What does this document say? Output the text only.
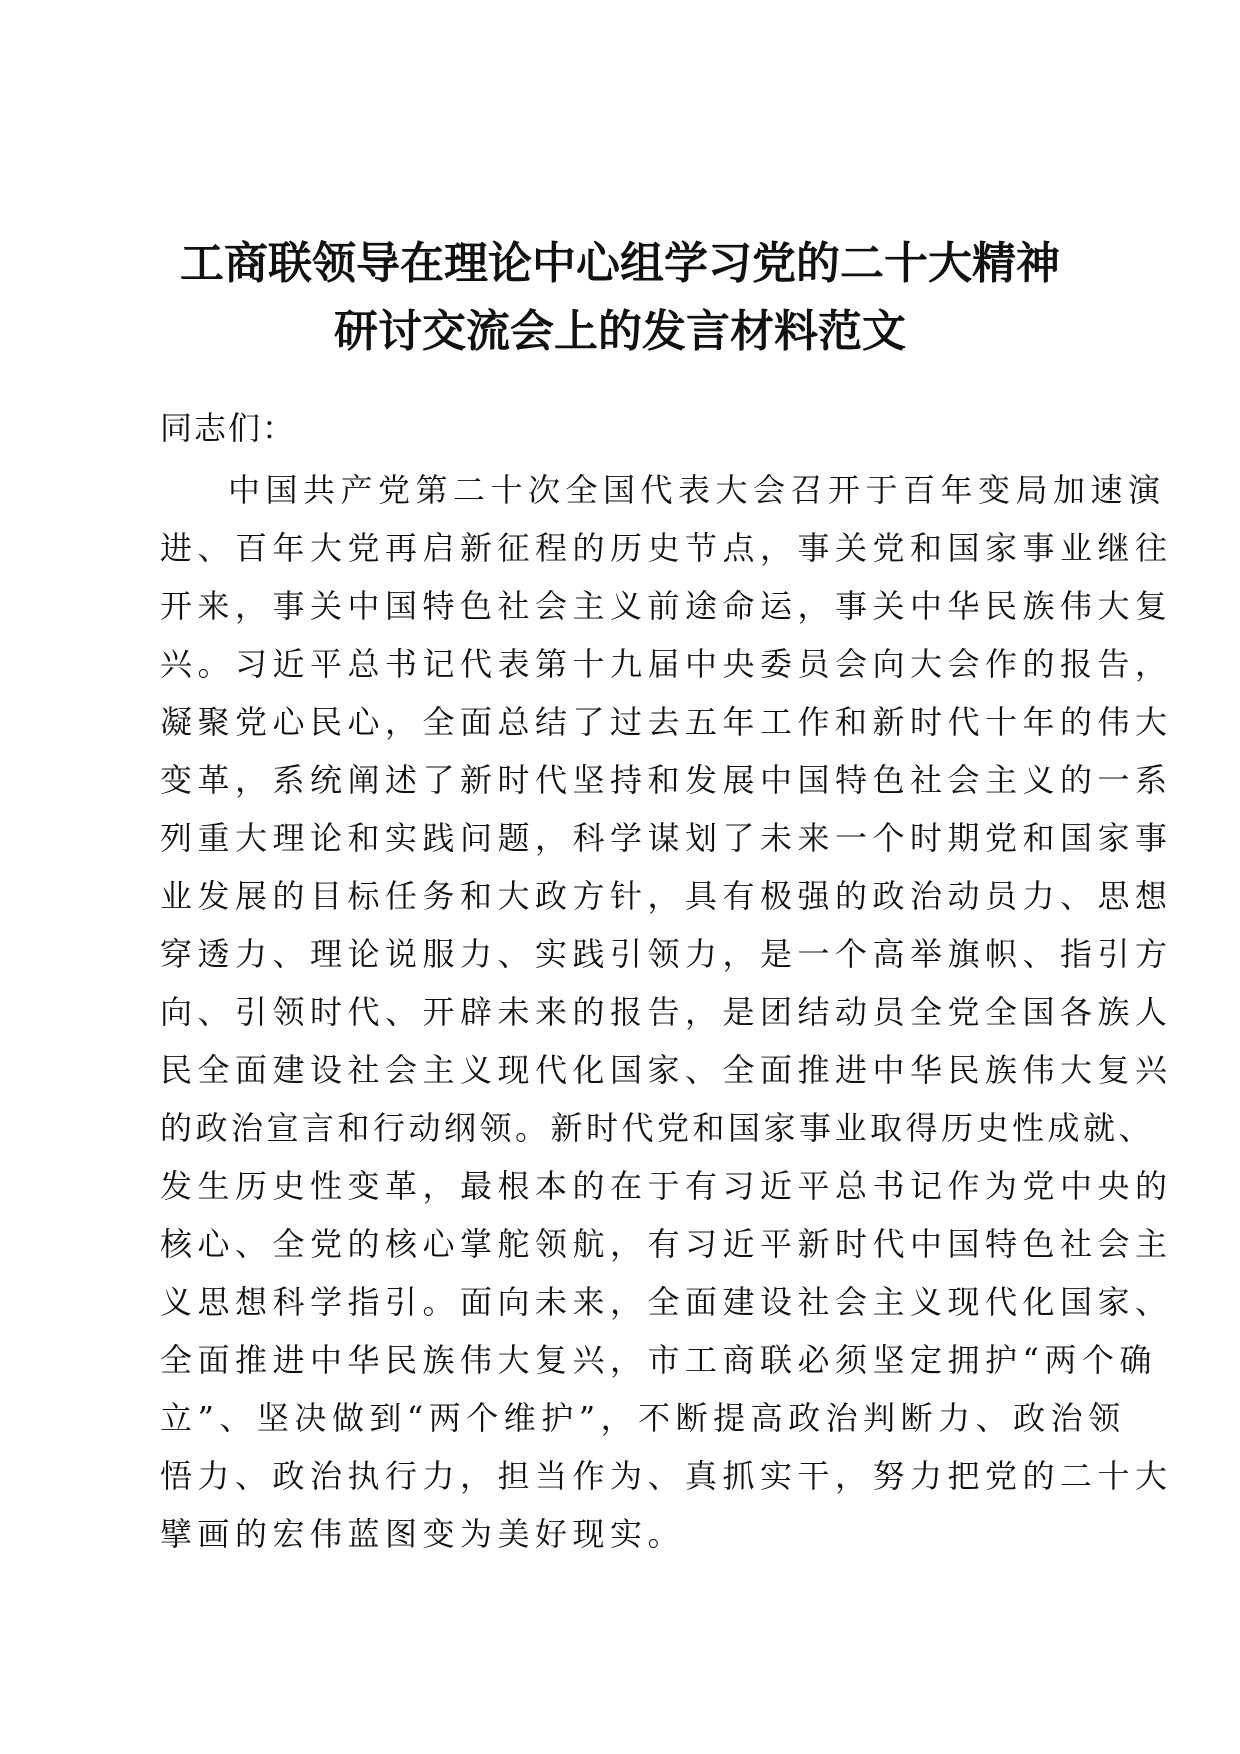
工商联领导在理论中心组学习党的二十大精神
研讨交流会上的发言材料范文
同志们：
中国共产党第二十次全国代表大会召开于百年变局加速演
进、百年大党再启新征程的历史节点，事关党和国家事业继往
开来，事关中国特色社会主义前途命运，事关中华民族伟大复
兴。习近平总书记代表第十九届中央委员会向大会作的报告，
凝聚党心民心，全面总结了过去五年工作和新时代十年的伟大
变革，系统阐述了新时代坚持和发展中国特色社会主义的一系
列重大理论和实践问题，科学谋划了未来一个时期党和国家事
业发展的目标任务和大政方针，具有极强的政治动员力、思想
穿透力、理论说服力、实践引领力，是一个高举旗帜、指引方
向、引领时代、开辟未来的报告，是团结动员全党全国各族人
民全面建设社会主义现代化国家、全面推进中华民族伟大复兴
的政治宣言和行动纲领。新时代党和国家事业取得历史性成就、
发生历史性变革，最根本的在于有习近平总书记作为党中央的
核心、全党的核心掌舵领航，有习近平新时代中国特色社会主
义思想科学指引。面向未来，全面建设社会主义现代化国家、
全面推进中华民族伟大复兴，市工商联必须坚定拥护“两个确
立”、坚决做到“两个维护”，不断提高政治判断力、政治领
悟力、政治执行力，担当作为、真抓实干，努力把党的二十大
擘画的宏伟蓝图变为美好现实。
